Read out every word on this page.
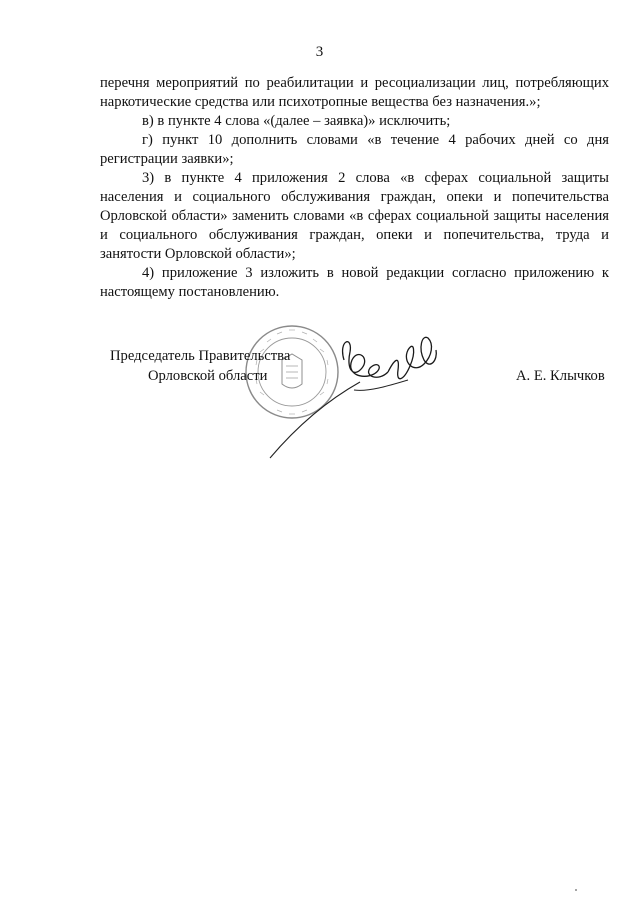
3

перечня мероприятий по реабилитации и ресоциализации лиц, потребляющих наркотические средства или психотропные вещества без назначения.»;

в) в пункте 4 слова «(далее – заявка)» исключить;

г) пункт 10 дополнить словами «в течение 4 рабочих дней со дня регистрации заявки»;

3) в пункте 4 приложения 2 слова «в сферах социальной защиты населения и социального обслуживания граждан, опеки и попечительства Орловской области» заменить словами «в сферах социальной защиты населения и социального обслуживания граждан, опеки и попечительства, труда и занятости Орловской области»;

4) приложение 3 изложить в новой редакции согласно приложению к настоящему постановлению.

Председатель Правительства
Орловской области	А. Е. Клычков
